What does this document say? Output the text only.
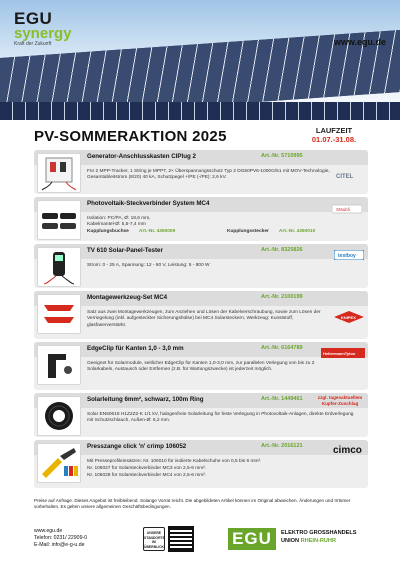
EGU
synergy
Kraft der Zukunft	www.egu.de
PV-SOMMERAKTION 2025	LAUFZEIT
01.07.-31.08.
Generator-Anschlusskasten CIPlug 2	Art.-Nr. 5710995
Für 2 MPP-Tracker, 1 String je MPPT, 2× Überspannungsschutz Typ 2 DG50PV6-1000G/51 mit MOV-Technologie, Gesamtableitstrom (8/20) 40 kA, Schutzpegel +/PE (-/PE): 2,6 kV.	CITEL
Photovoltaik-Steckverbinder System MC4
Isolation: PC/PA, Ø: 18,6 mm,
Kabelmantel-Ø: 5,5-7,4 mm
Kupplungsbuchse Art.-Nr. 4350009	Kupplungsstecker Art.-Nr. 4350010
Stäubli
TV 610 Solar-Panel-Tester	Art.-Nr. 8325826
Strom: 0 - 25 A, Spannung: 12 - 60 V, Leistung: 5 - 800 W
testboy
Montagewerkzeug-Set MC4	Art.-Nr. 2100199
Satz aus zwei Montagewerkzeugen, zum Anziehen und Lösen der Kabelverschraubung, sowie zum Lösen der Verriegelung (inkl. aufgesteckter Sicherungshülse) bei MC4 Solarsteckern, Werkzeug: Kunststoff, glasfaserverstärkt.
KNIPEX
EdgeClip für Kanten 1,0 - 3,0 mm	Art.-Nr. 6164789
Geeignet für Solarmodule, seitlicher EdgeClip für Kanten 1,0-3,0 mm, zur parallelen Verlegung von bis zu 2 Solarkabeln, Austausch oder Entfernen (z.B. für Wartungszwecke) ist jederzeit möglich.
HellermannTyton
Solarleitung 6mm², schwarz, 100m Ring	Art.-Nr. 1449461
Solar EN50618 H1Z2Z2-K 1/1 kV, halogenfreie Solarleitung für feste Verlegung in Photovoltaik-Anlagen, direkte Erdverlegung mit Schutzschlauch, Außen-Ø: 6,2 mm.
zzgl. tagesaktuellem Kupfer-Zuschlag
Presszange click 'n' crimp 106052	Art.-Nr. 2016121
Mit Presseprofileinsätzen: Nr. 106010 für isolierte Kabelschuhe von 0,5 bis 6 mm².
Nr. 106027 für Solarsteckverbinder MC3 von 2,5-6 mm².
Nr. 106028 für Solarsteckverbinder MC4 von 2,5-6 mm².
cimco
Preise auf Anfrage. Dieses Angebot ist freibleibend. Solange Vorrat reicht. Die abgebildeten Artikel können im Original abweichen. Änderungen und Irrtümer vorbehalten. Es gelten unsere allgemeinen Geschäftsbedingungen.
www.egu.de
Telefon: 0231/ 22909-0
E-Mail: info@e-g-u.de
UNSERE STANDORTE IM ÜBERBLICK	EGU	ELEKTRO GROSSHANDELS
UNION RHEIN-RUHR
